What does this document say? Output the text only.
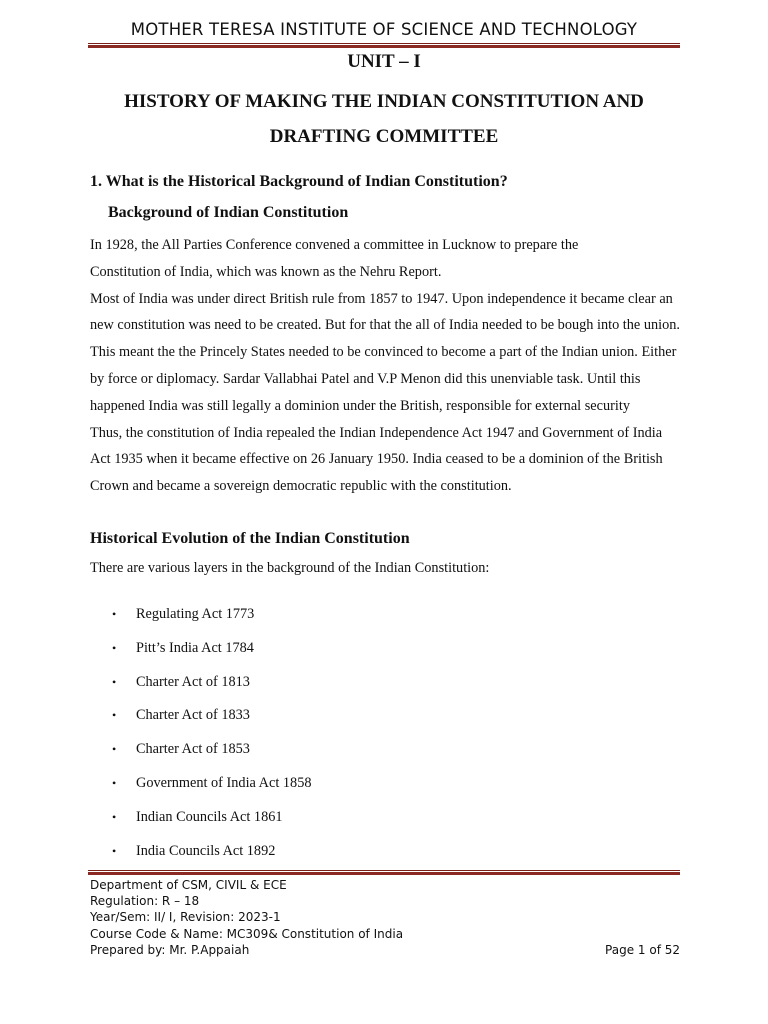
MOTHER TERESA INSTITUTE OF SCIENCE AND TECHNOLOGY
UNIT – I
HISTORY OF MAKING THE INDIAN CONSTITUTION AND
DRAFTING COMMITTEE
1. What is the Historical Background of Indian Constitution?
Background of Indian Constitution

In 1928, the All Parties Conference convened a committee in Lucknow to prepare the

Constitution of India, which was known as the Nehru Report.

Most of India was under direct British rule from 1857 to 1947. Upon independence it became clear an new constitution was need to be created. But for that the all of India needed to be bough into the union. This meant the the Princely States needed to be convinced to become a part of the Indian union. Either by force or diplomacy. Sardar Vallabhai Patel and V.P Menon did this unenviable task. Until this happened India was still legally a dominion under the British, responsible for external security

Thus, the constitution of India repealed the Indian Independence Act 1947 and Government of India Act 1935 when it became effective on 26 January 1950. India ceased to be a dominion of the British Crown and became a sovereign democratic republic with the constitution.

Historical Evolution of the Indian Constitution
There are various layers in the background of the Indian Constitution:
• Regulating Act 1773
• Pitt’s India Act 1784
• Charter Act of 1813
• Charter Act of 1833
• Charter Act of 1853
• Government of India Act 1858
• Indian Councils Act 1861
• India Councils Act 1892
Department of CSM, CIVIL & ECE
Regulation: R – 18
Year/Sem: II/ I, Revision: 2023-1
Course Code & Name: MC309& Constitution of India
Prepared by: Mr. P.Appaiah	Page 1 of 52
